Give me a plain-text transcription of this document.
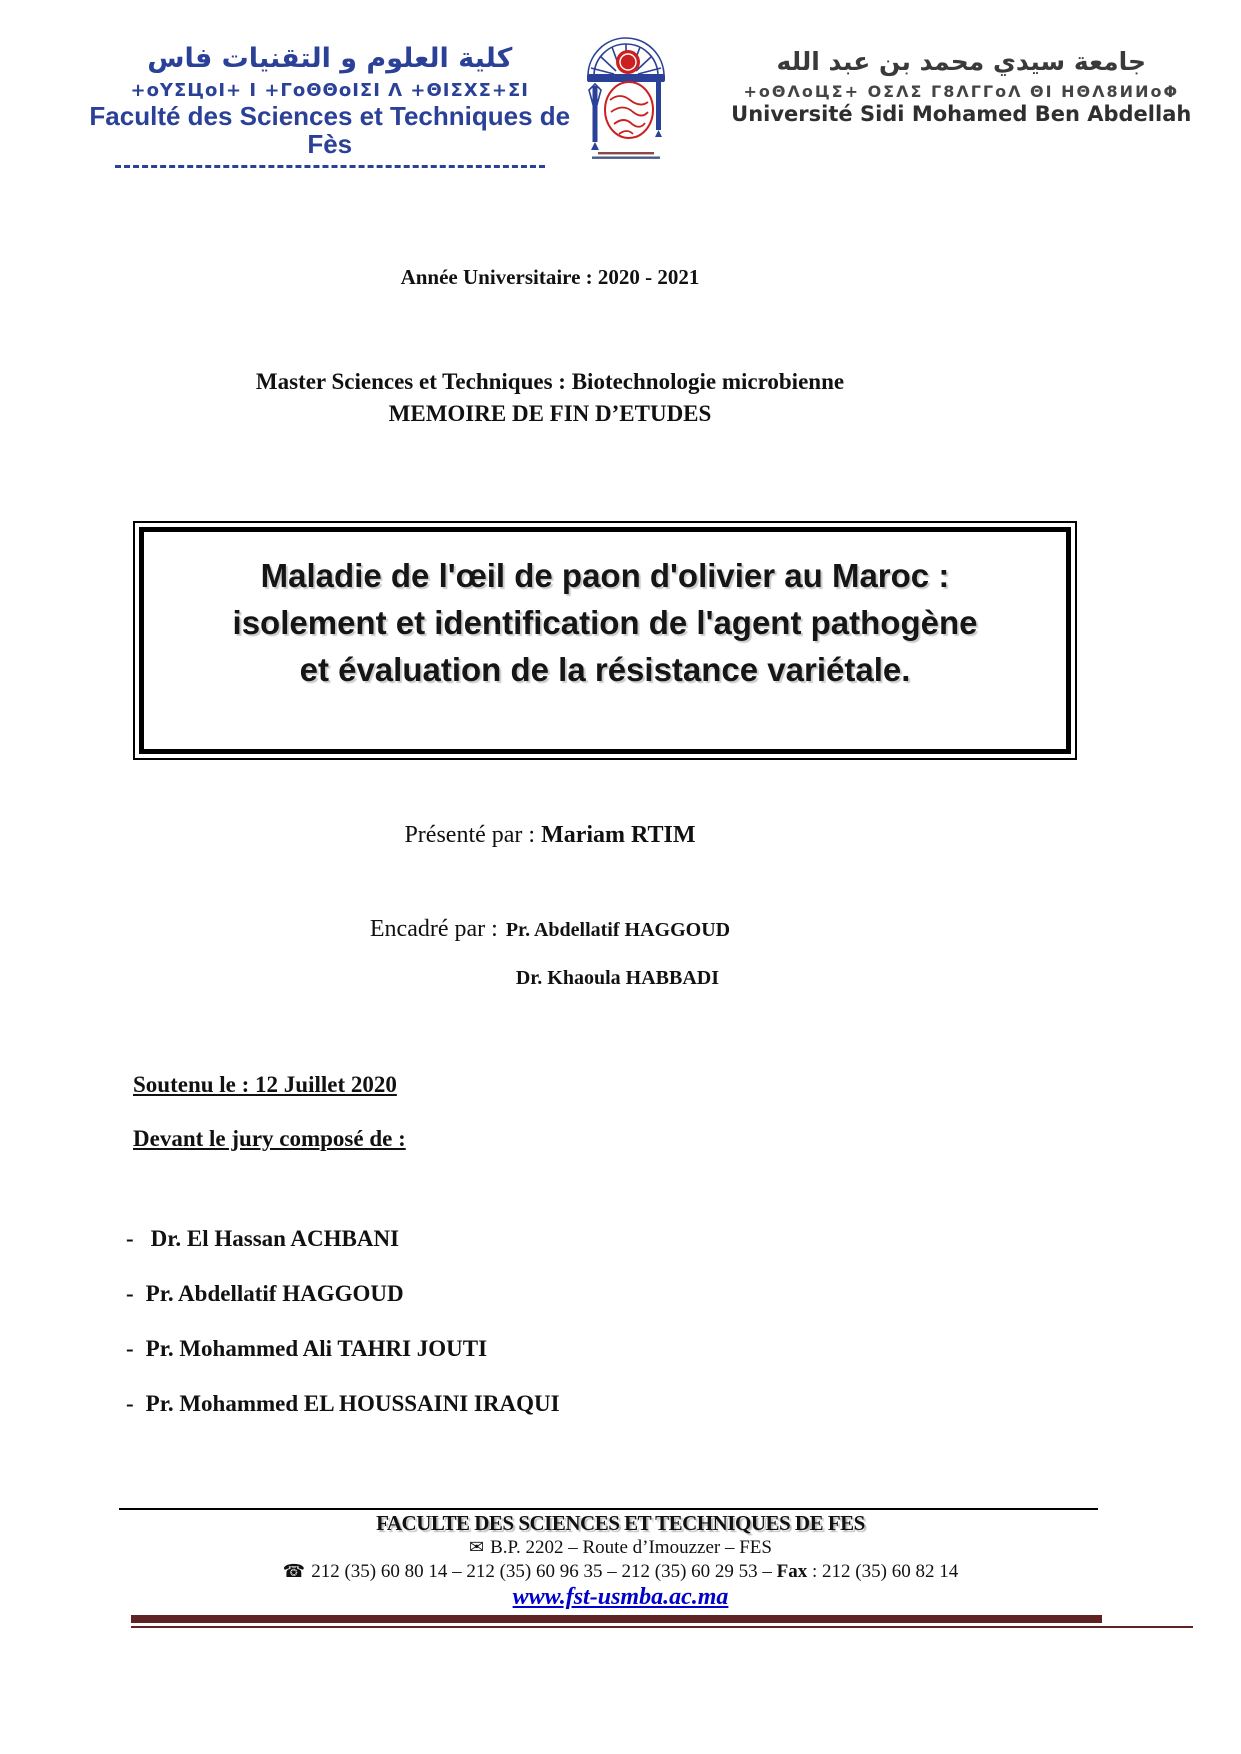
كلية العلوم و التقنيات فاس
+oYΣЦoΙ+ Ι +ΓoΘΘoΙΣΙ Λ +ΘΙΣΧΣ+ΣΙ
Faculté des Sciences et Techniques de Fès
جامعة سيدي محمد بن عبد الله
+oΘΛoЦΣ+ ΟΣΛΣ Γ8ΛΓΓoΛ ΘΙ ΗΘΛ8ИИoΦ
Université Sidi Mohamed Ben Abdellah
Année Universitaire : 2020 - 2021
Master Sciences et Techniques : Biotechnologie microbienne
MEMOIRE DE FIN D’ETUDES
Maladie de l'œil de paon d'olivier au Maroc :
isolement et identification de l'agent pathogène
et évaluation de la résistance variétale.
Présenté par : Mariam RTIM
Encadré par : Pr. Abdellatif HAGGOUD
Dr. Khaoula HABBADI
Soutenu le : 12 Juillet 2020
Devant le jury composé de :
- Dr. El Hassan ACHBANI
- Pr. Abdellatif HAGGOUD
- Pr. Mohammed Ali TAHRI JOUTI
- Pr. Mohammed EL HOUSSAINI IRAQUI
FACULTE DES SCIENCES ET TECHNIQUES DE FES
✉ B.P. 2202 – Route d’Imouzzer – FES
☎ 212 (35) 60 80 14 – 212 (35) 60 96 35 – 212 (35) 60 29 53 – Fax : 212 (35) 60 82 14
www.fst-usmba.ac.ma
